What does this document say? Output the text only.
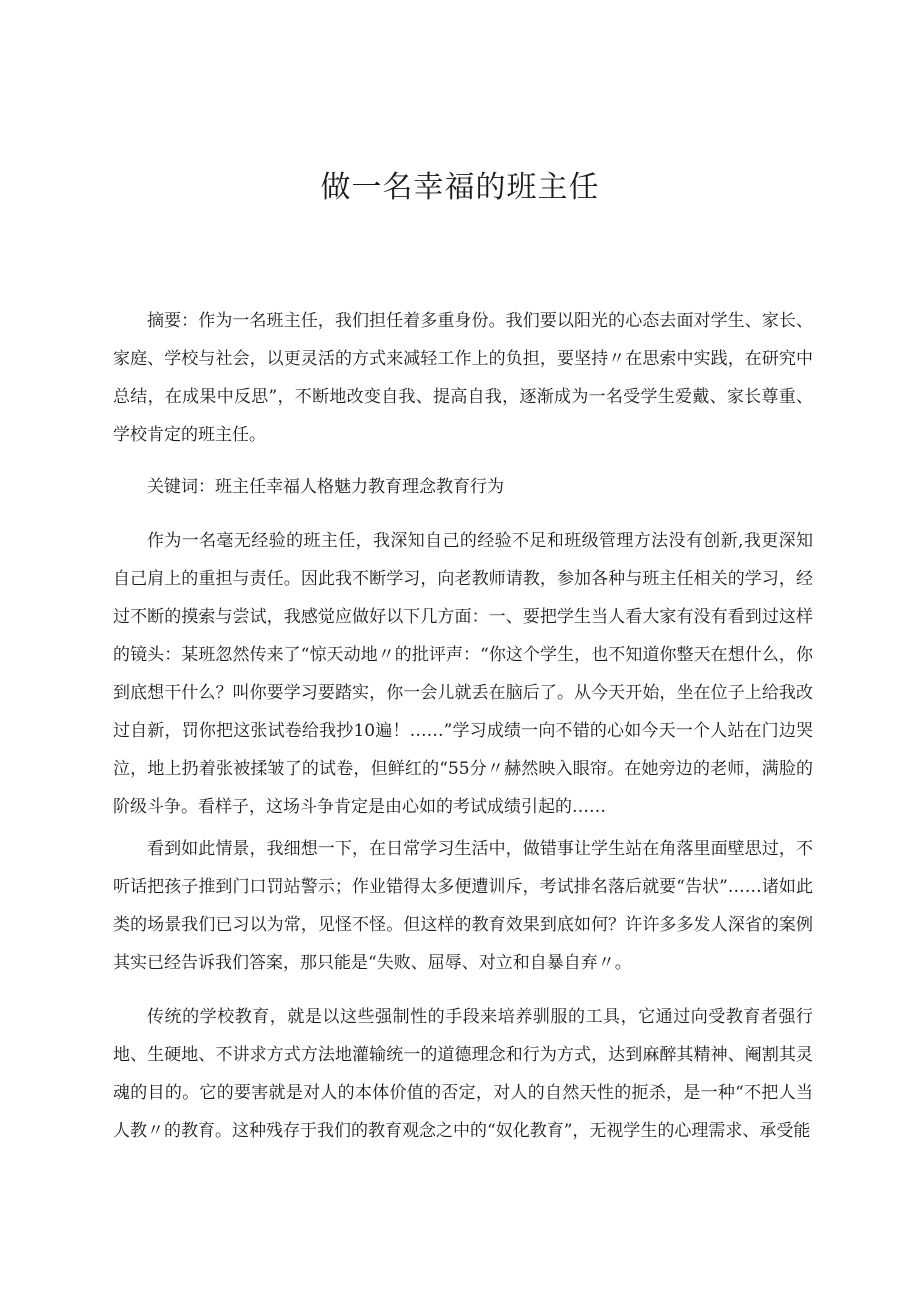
做一名幸福的班主任

摘要：作为一名班主任，我们担任着多重身份。我们要以阳光的心态去面对学生、家长、家庭、学校与社会，以更灵活的方式来减轻工作上的负担，要坚持〃在思索中实践，在研究中总结，在成果中反思”，不断地改变自我、提高自我，逐渐成为一名受学生爱戴、家长尊重、学校肯定的班主任。

关键词：班主任幸福人格魅力教育理念教育行为

作为一名毫无经验的班主任，我深知自己的经验不足和班级管理方法没有创新,我更深知自己肩上的重担与责任。因此我不断学习，向老教师请教，参加各种与班主任相关的学习，经过不断的摸索与尝试，我感觉应做好以下几方面：一、要把学生当人看大家有没有看到过这样的镜头：某班忽然传来了“惊天动地〃的批评声：“你这个学生，也不知道你整天在想什么，你到底想干什么？叫你要学习要踏实，你一会儿就丢在脑后了。从今天开始，坐在位子上给我改过自新，罚你把这张试卷给我抄10遍！……”学习成绩一向不错的心如今天一个人站在门边哭泣，地上扔着张被揉皱了的试卷，但鲜红的“55分〃赫然映入眼帘。在她旁边的老师，满脸的阶级斗争。看样子，这场斗争肯定是由心如的考试成绩引起的……

看到如此情景，我细想一下，在日常学习生活中，做错事让学生站在角落里面壁思过，不听话把孩子推到门口罚站警示；作业错得太多便遭训斥，考试排名落后就要“告状”……诸如此类的场景我们已习以为常，见怪不怪。但这样的教育效果到底如何？许许多多发人深省的案例其实已经告诉我们答案，那只能是“失败、屈辱、对立和自暴自弃〃。

传统的学校教育，就是以这些强制性的手段来培养驯服的工具，它通过向受教育者强行地、生硬地、不讲求方式方法地灌输统一的道德理念和行为方式，达到麻醉其精神、阉割其灵魂的目的。它的要害就是对人的本体价值的否定，对人的自然天性的扼杀，是一种“不把人当人教〃的教育。这种残存于我们的教育观念之中的“奴化教育”，无视学生的心理需求、承受能
